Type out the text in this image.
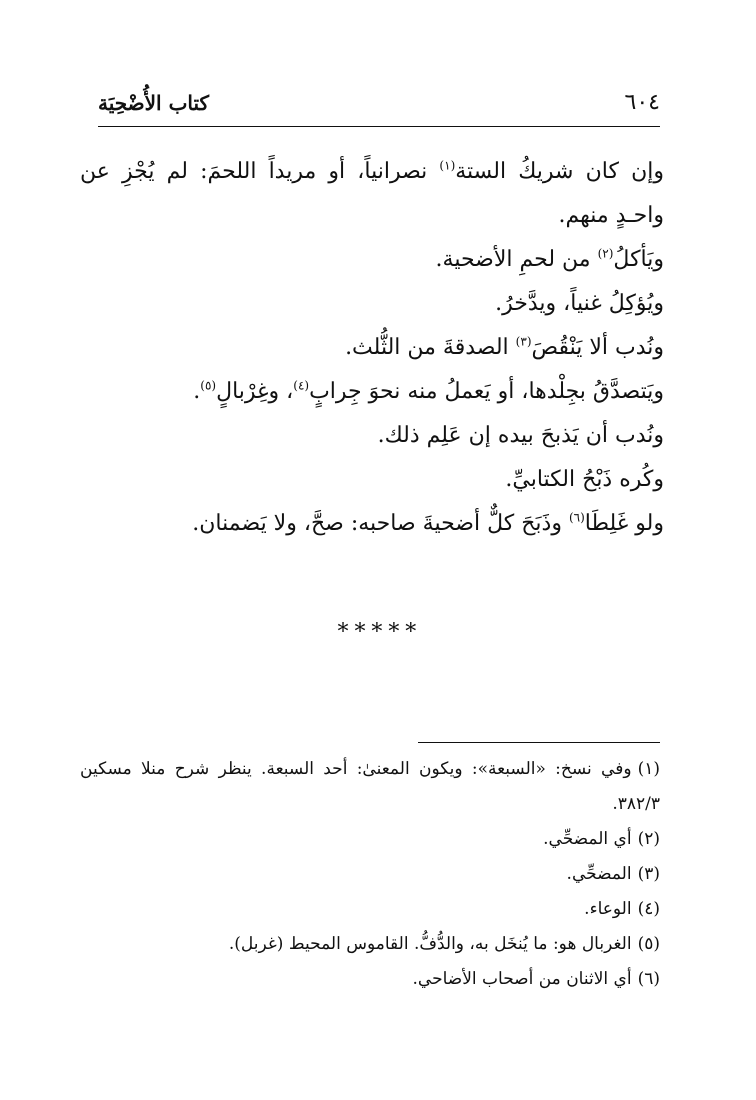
٦٠٤
كتاب الأُضْحِيَة

وإن كان شريكُ الستة$^{(١)}$ نصرانياً، أو مريداً اللحمَ: لم يُجْزِ عن واحـدٍ منهم.

ويَأكلُ$^{(٢)}$ من لحمِ الأضحية.

ويُؤكِلُ غنياً، ويدَّخرُ.

ونُدب ألا يَنْقُصَ$^{(٣)}$ الصدقةَ من الثُّلث.

ويَتصدَّقُ بجِلْدها، أو يَعملُ منه نحوَ جِرابٍ$^{(٤)}$، وغِرْبالٍ$^{(٥)}$.

ونُدب أن يَذبحَ بيده إن عَلِم ذلك.

وكُره ذَبْحُ الكتابيِّ.

ولو غَلِطَا$^{(٦)}$ وذَبَحَ كلٌّ أضحيةَ صاحبه: صحَّ، ولا يَضمنان.

∗∗∗∗∗

(١)وفي نسخ: «السبعة»: ويكون المعنىٰ: أحد السبعة. ينظر شرح منلا مسكين ٣٨٢/٣.

(٢)أي المضحِّي.

(٣)المضحِّي.

(٤)الوعاء.

(٥)الغربال هو: ما يُنخَل به، والدُّفُّ. القاموس المحيط (غربل).

(٦)أي الاثنان من أصحاب الأضاحي.
